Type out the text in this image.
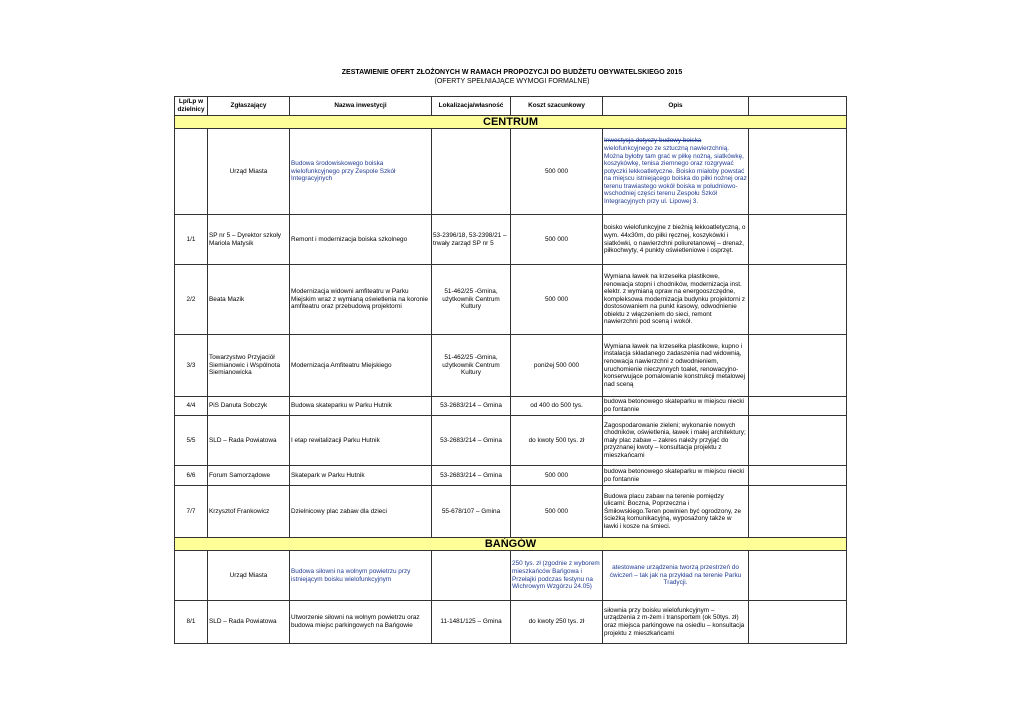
ZESTAWIENIE OFERT ZŁOŻONYCH W RAMACH PROPOZYCJI DO BUDŻETU OBYWATELSKIEGO 2015
(OFERTY SPEŁNIAJĄCE WYMOGI FORMALNE)
Lp/Lp w dzielnicy	Zgłaszający	Nazwa inwestycji	Lokalizacja/własność	Koszt szacunkowy	Opis	
CENTRUM						
	Urząd Miasta	Budowa środowiskowego boiska wielofunkcyjnego przy Zespole Szkół Integracyjnych		500 000	Inwestycja dotyczy budowy boiska wielofunkcyjnego ze sztuczną nawierzchnią. Można byłoby tam grać w piłkę nożną, siatkówkę, koszykówkę, tenisa ziemnego oraz rozgrywać potyczki lekkoatletyczne. Boisko miałoby powstać na miejscu istniejącego boiska do piłki nożnej oraz terenu trawiastego wokół boiska w południowo-wschodniej części terenu Zespołu Szkół Integracyjnych przy ul. Lipowej 3.	
1/1	SP nr 5 – Dyrektor szkoły Mariola Matysik	Remont i modernizacja boiska szkolnego	53-2396/18, 53-2398/21 – trwały zarząd SP nr 5	500 000	boisko wielofunkcyjne z bieżnią lekkoatletyczną, o wym. 44x30m, do piłki ręcznej, koszykówki i siatkówki, o nawierzchni poliuretanowej – drenaż, piłkochwyty, 4 punkty oświetleniowe i osprzęt.	
2/2	Beata Mazik	Modernizacja widowni amfiteatru w Parku Miejskim wraz z wymianą oświetlenia na koronie amfiteatru oraz przebudową projektorni	51-462/25 -Gmina, użytkownik Centrum Kultury	500 000	Wymiana ławek na krzesełka plastikowe, renowacja stopni i chodników, modernizacja inst. elektr. z wymianą opraw na energooszczędne, kompleksowa modernizacja budynku projektorni z dostosowaniem na punkt kasowy, odwodnienie obiektu z włączeniem do sieci, remont nawierzchni pod sceną i wokół.	
3/3	Towarzystwo Przyjaciół Siemianowic i Wspólnota Siemianowicka	Modernizacja Amfiteatru Miejskiego	51-462/25 -Gmina, użytkownik Centrum Kultury	poniżej 500 000	Wymiana ławek na krzesełka plastikowe, kupno i instalacja składanego zadaszenia nad widownią, renowacja nawierzchni z odwodnieniem, uruchomienie nieczynnych toalet, renowacyjno-konserwujące pomalowanie konstrukcji metalowej nad sceną	
4/4	PiS Danuta Sobczyk	Budowa skateparku w Parku Hutnik	53-2683/214 – Gmina	od 400 do 500 tys.	budowa betonowego skateparku w miejscu niecki po fontannie	
5/5	SLD – Rada Powiatowa	I etap rewitalizacji Parku Hutnik	53-2683/214 – Gmina	do kwoty 500 tys. zł	Zagospodarowanie zieleni; wykonanie nowych chodników, oświetlenia, ławek i małej architektury; mały plac zabaw – zakres należy przyjąć do przyznanej kwoty – konsultacja projektu z mieszkańcami	
6/6	Forum Samorządowe	Skatepark w Parku Hutnik	53-2683/214 – Gmina	500 000	budowa betonowego skateparku w miejscu niecki po fontannie	
7/7	Krzysztof Frankowicz	Dzielnicowy plac zabaw dla dzieci	55-678/107 – Gmina	500 000	Budowa placu zabaw na terenie pomiędzy ulicami: Boczna, Poprzeczna i Śmiłowskiego.Teren powinien być ogrodzony, ze ścieżką komunikacyjną, wyposażony także w ławki i kosze na śmieci.	
BAŃGÓW						
	Urząd Miasta	Budowa siłowni na wolnym powietrzu przy istniejącym boisku wielofunkcyjnym		250 tys. zł (zgodnie z wyborem mieszkańców Bańgowa i Przełajki podczas festynu na Wichrowym Wzgórzu 24.05)	atestowane urządzenia tworzą przestrzeń do ćwiczeń – tak jak na przykład na terenie Parku Tradycji.	
8/1	SLD – Rada Powiatowa	Utworzenie siłowni na wolnym powietrzu oraz budowa miejsc parkingowych na Bańgowie	11-1481/125 – Gmina	do kwoty 250 tys. zł	siłownia przy boisku wielofunkcyjnym – urządzenia z m-żem i transportem (ok 50tys. zł) oraz miejsca parkingowe na osiedlu – konsultacja projektu z mieszkańcami	
